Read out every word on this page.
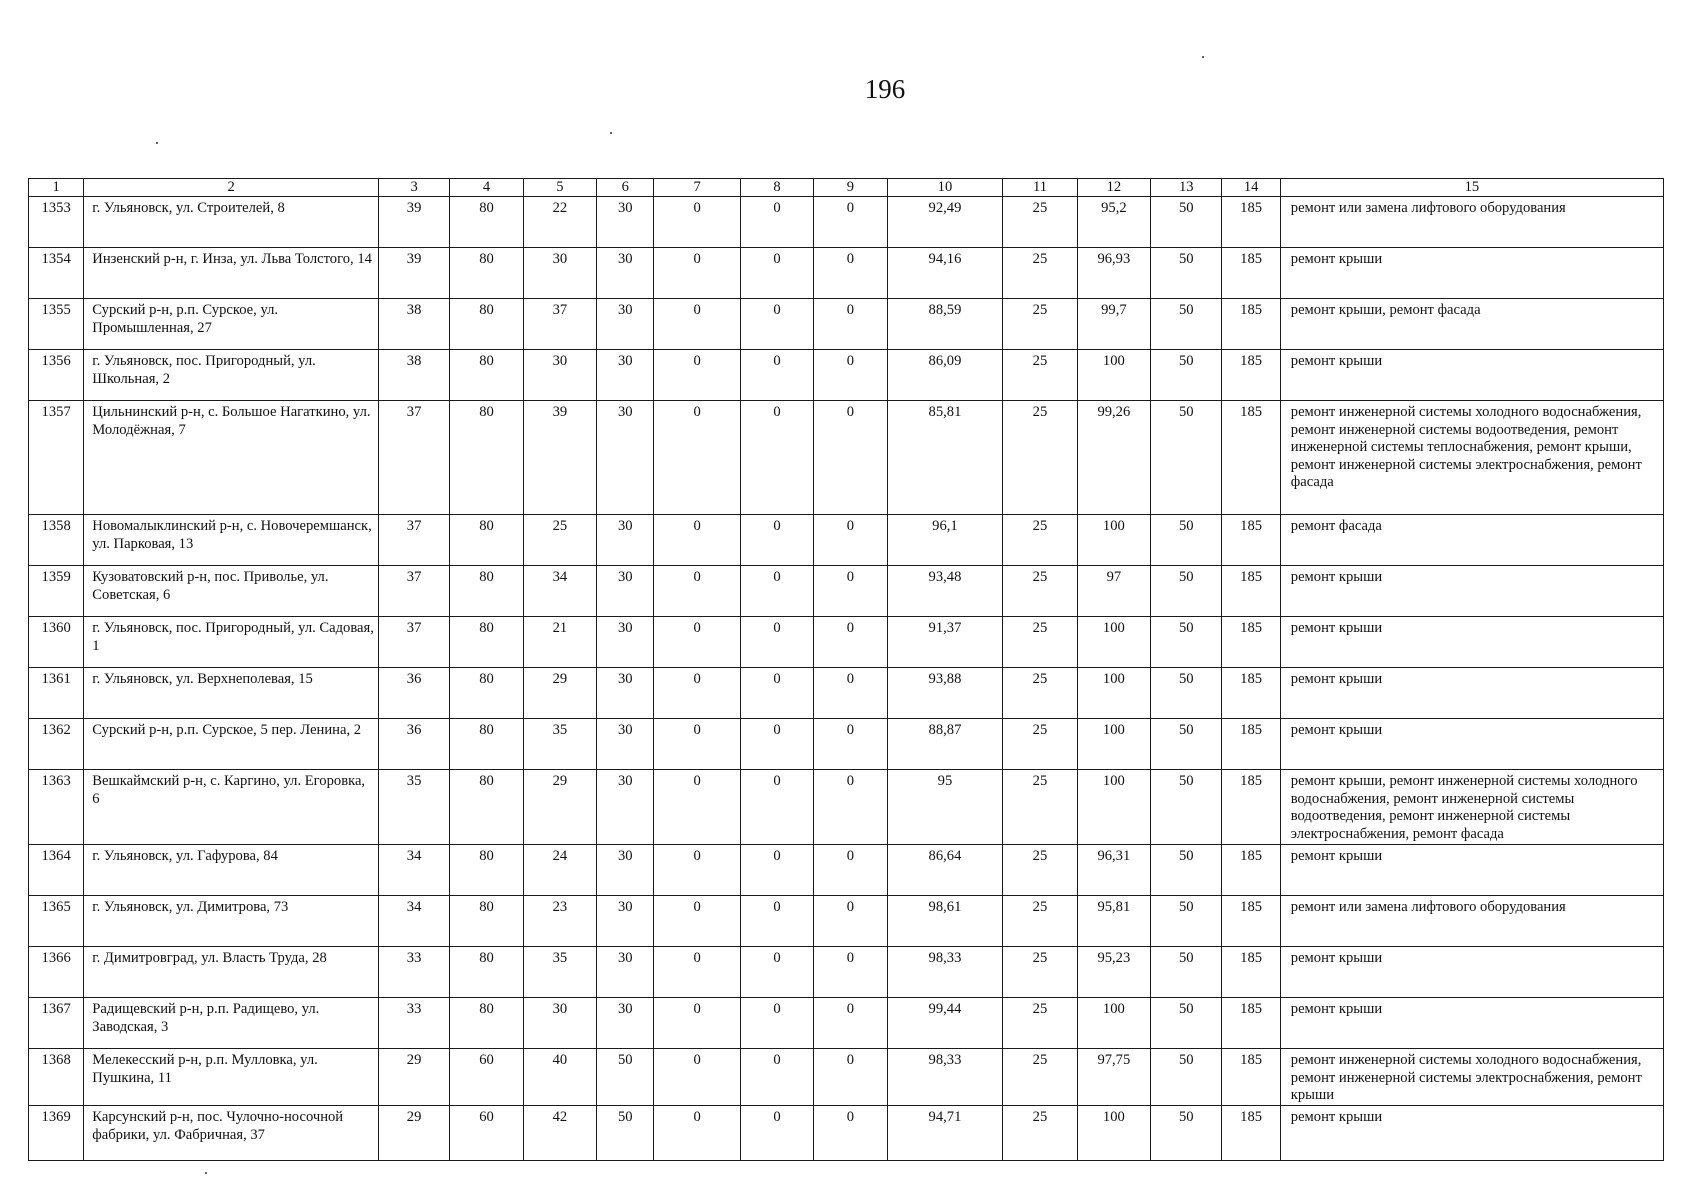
196
1	2	3	4	5	6	7	8	9	10	11	12	13	14	15
1353	г. Ульяновск, ул. Строителей, 8	39	80	22	30	0	0	0	92,49	25	95,2	50	185	ремонт или замена лифтового оборудования
1354	Инзенский р-н, г. Инза, ул. Льва Толстого, 14	39	80	30	30	0	0	0	94,16	25	96,93	50	185	ремонт крыши
1355	Сурский р-н, р.п. Сурское, ул. Промышленная, 27	38	80	37	30	0	0	0	88,59	25	99,7	50	185	ремонт крыши, ремонт фасада
1356	г. Ульяновск, пос. Пригородный, ул. Школьная, 2	38	80	30	30	0	0	0	86,09	25	100	50	185	ремонт крыши
1357	Цильнинский р-н, с. Большое Нагаткино, ул. Молодёжная, 7	37	80	39	30	0	0	0	85,81	25	99,26	50	185	ремонт инженерной системы холодного водоснабжения, ремонт инженерной системы водоотведения, ремонт инженерной системы теплоснабжения, ремонт крыши, ремонт инженерной системы электроснабжения, ремонт фасада
1358	Новомалыклинский р-н, с. Новочеремшанск, ул. Парковая, 13	37	80	25	30	0	0	0	96,1	25	100	50	185	ремонт фасада
1359	Кузоватовский р-н, пос. Приволье, ул. Советская, 6	37	80	34	30	0	0	0	93,48	25	97	50	185	ремонт крыши
1360	г. Ульяновск, пос. Пригородный, ул. Садовая, 1	37	80	21	30	0	0	0	91,37	25	100	50	185	ремонт крыши
1361	г. Ульяновск, ул. Верхнеполевая, 15	36	80	29	30	0	0	0	93,88	25	100	50	185	ремонт крыши
1362	Сурский р-н, р.п. Сурское, 5 пер. Ленина, 2	36	80	35	30	0	0	0	88,87	25	100	50	185	ремонт крыши
1363	Вешкаймский р-н, с. Каргино, ул. Егоровка, 6	35	80	29	30	0	0	0	95	25	100	50	185	ремонт крыши, ремонт инженерной системы холодного водоснабжения, ремонт инженерной системы водоотведения, ремонт инженерной системы электроснабжения, ремонт фасада
1364	г. Ульяновск, ул. Гафурова, 84	34	80	24	30	0	0	0	86,64	25	96,31	50	185	ремонт крыши
1365	г. Ульяновск, ул. Димитрова, 73	34	80	23	30	0	0	0	98,61	25	95,81	50	185	ремонт или замена лифтового оборудования
1366	г. Димитровград, ул. Власть Труда, 28	33	80	35	30	0	0	0	98,33	25	95,23	50	185	ремонт крыши
1367	Радищевский р-н, р.п. Радищево, ул. Заводская, 3	33	80	30	30	0	0	0	99,44	25	100	50	185	ремонт крыши
1368	Мелекесский р-н, р.п. Мулловка, ул. Пушкина, 11	29	60	40	50	0	0	0	98,33	25	97,75	50	185	ремонт инженерной системы холодного водоснабжения, ремонт инженерной системы электроснабжения, ремонт крыши
1369	Карсунский р-н, пос. Чулочно-носочной фабрики, ул. Фабричная, 37	29	60	42	50	0	0	0	94,71	25	100	50	185	ремонт крыши
